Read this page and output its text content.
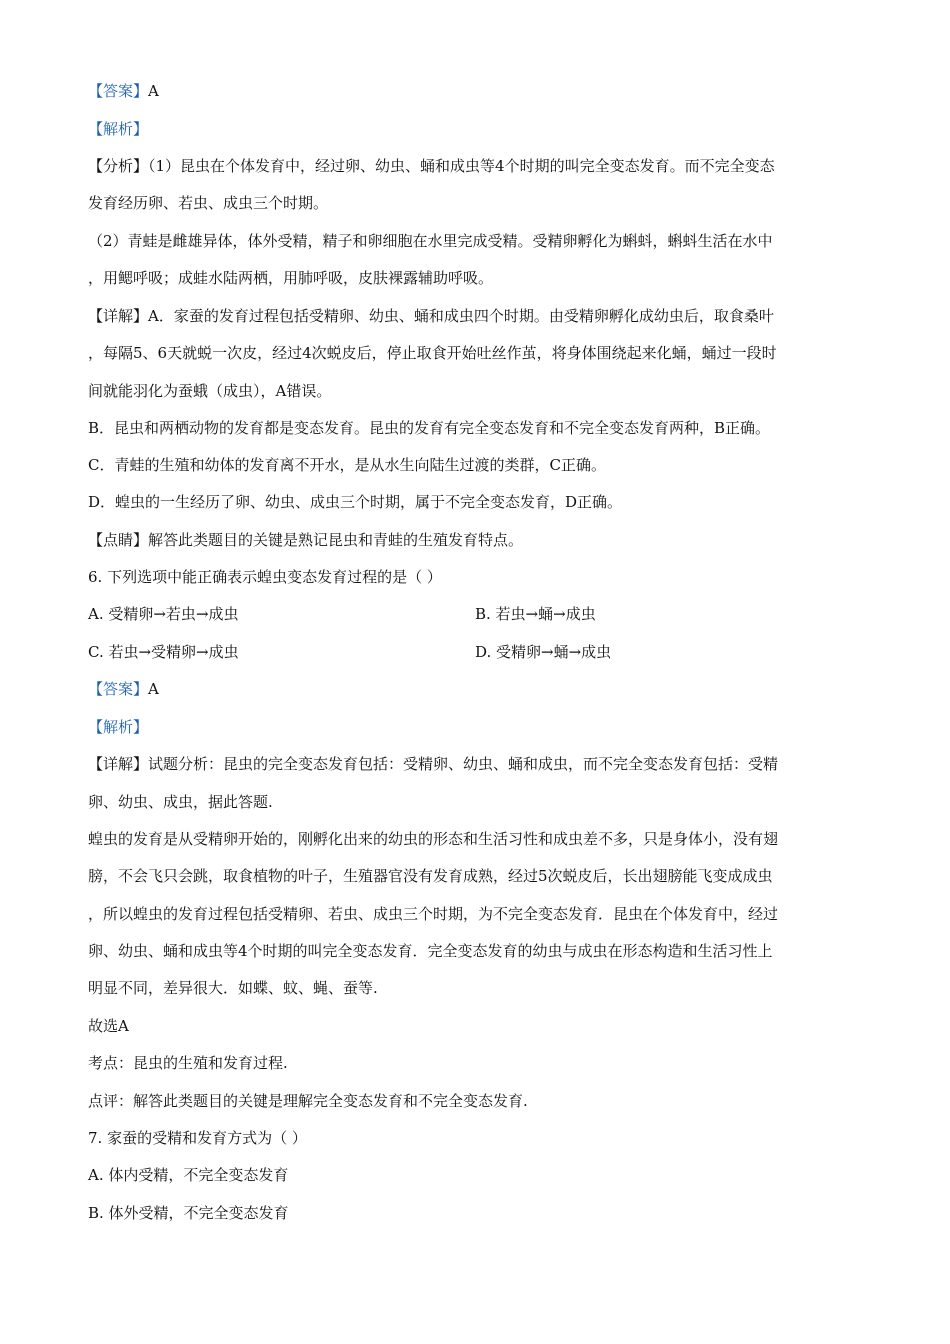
【答案】A
【解析】
【分析】（1）昆虫在个体发育中，经过卵、幼虫、蛹和成虫等4个时期的叫完全变态发育。而不完全变态
发育经历卵、若虫、成虫三个时期。
（2）青蛙是雌雄异体，体外受精，精子和卵细胞在水里完成受精。受精卵孵化为蝌蚪，蝌蚪生活在水中
，用鳃呼吸；成蛙水陆两栖，用肺呼吸，皮肤裸露辅助呼吸。
【详解】A．家蚕的发育过程包括受精卵、幼虫、蛹和成虫四个时期。由受精卵孵化成幼虫后，取食桑叶
，每隔5、6天就蜕一次皮，经过4次蜕皮后，停止取食开始吐丝作茧，将身体围绕起来化蛹，蛹过一段时
间就能羽化为蚕蛾（成虫），A错误。
B．昆虫和两栖动物的发育都是变态发育。昆虫的发育有完全变态发育和不完全变态发育两种，B正确。
C．青蛙的生殖和幼体的发育离不开水，是从水生向陆生过渡的类群，C正确。
D．蝗虫的一生经历了卵、幼虫、成虫三个时期，属于不完全变态发育，D正确。
【点睛】解答此类题目的关键是熟记昆虫和青蛙的生殖发育特点。
6. 下列选项中能正确表示蝗虫变态发育过程的是（ ）
A. 受精卵→若虫→成虫	B. 若虫→蛹→成虫
C. 若虫→受精卵→成虫	D. 受精卵→蛹→成虫
【答案】A
【解析】
【详解】试题分析：昆虫的完全变态发育包括：受精卵、幼虫、蛹和成虫，而不完全变态发育包括：受精
卵、幼虫、成虫，据此答题.
蝗虫的发育是从受精卵开始的，刚孵化出来的幼虫的形态和生活习性和成虫差不多，只是身体小，没有翅
膀，不会飞只会跳，取食植物的叶子，生殖器官没有发育成熟，经过5次蜕皮后，长出翅膀能飞变成成虫
，所以蝗虫的发育过程包括受精卵、若虫、成虫三个时期，为不完全变态发育．昆虫在个体发育中，经过
卵、幼虫、蛹和成虫等4个时期的叫完全变态发育．完全变态发育的幼虫与成虫在形态构造和生活习性上
明显不同，差异很大．如蝶、蚊、蝇、蚕等.
故选A
考点：昆虫的生殖和发育过程.
点评：解答此类题目的关键是理解完全变态发育和不完全变态发育.
7. 家蚕的受精和发育方式为（ ）
A. 体内受精，不完全变态发育
B. 体外受精，不完全变态发育
